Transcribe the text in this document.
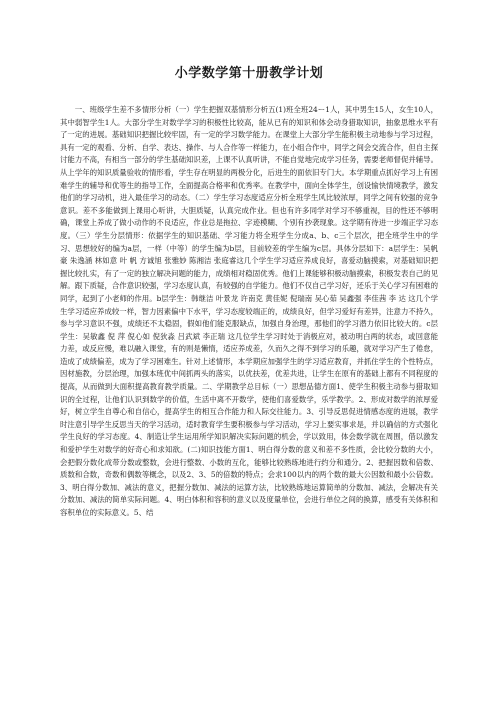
小学数学第十册教学计划

一、班级学生差不多情形分析（一）学生把握双基情形分析五(1)班全班24ー1人，其中男生15人，女生10人，其中弱智学生1人。大部分学生对数学学习的积极性比较高，能从已有的知识和体会动身猎取知识，抽象思维水平有了一定的进展。基础知识把握比较牢固，有一定的学习数学能力。在课堂上大部分学生能积极主动地参与学习过程，具有一定的观看、分析、自学、表达、操作、与人合作等一样能力，在小组合作中，同学之间会交流合作，但自主探讨能力不高，有相当一部分的学生基础知识差，上课不认真听讲，不能自觉地完成学习任务，需要老师督促并辅导。从上学年的知识质量验收的情形看，学生存在明显的两极分化，后进生的面依旧专门大。本学期重点抓好学习上有困难学生的辅导和优等生的指导工作，全面提高合格率和优秀率。在教学中，面向全体学生，创设愉快情境教学，激发他们的学习动机，进入最佳学习的动态。（二）学生学习态度适应分析全班学生风比较浓厚，同学之间有较强的竞争意识。差不多能做到上课用心听讲，大胆质疑，认真完成作业。但也有许多同学对学习不够重视，目的性还不够明确，课堂上养成了做小动作的不良适应，作业总是拖拉、字迹模糊、个别有抄袭现象。这学期有待进一步端正学习态度。（三）学生分层情形：依据学生的知识基础、学习能力将全班学生分成a、b、c三个层次，把全班学生中的学习、思想较好的编为a层，一样（中等）的学生编为b层，目前较差的学生编为c层。具体分层如下：a层学生：吴帆豪 朱逸涵 林如意 叶 帆 方诚旭 张雅妙 陈湘洁 张庭睿这几个学生学习适应养成良好，喜爱动脑摸索，对基础知识把握比较扎实，有了一定的独立解决问题的能力，成绩相对稳固优秀。他们上课能够积极动脑摸索，积极发表自己的见解。跟下质疑，合作意识较强，学习态度认真，有较强的自学能力。他们不仅自己学习好，还乐于关心学习有困难的同学，起到了小老师的作用。b层学生：韩继洁 叶景龙 许南克 黄佳妮 倪瑞南 吴心茹 吴鑫强 李佳茜 李 达 这几个学生学习适应养成较一样，智力因素偏中下水平，学习态度较端正的，成绩良好，但学习爱好有差异，注意力不持久，参与学习意识不强，成绩还不太稳固，假如他们能克服缺点，加强自身治理，那他们的学习潜力依旧比较大的。c层学生：吴敏鑫 倪 萍 倪心如 倪狄淼 吕武斌 李正瑞 这几位学生学习时处于消极应对，被动明白两的状态，或回意能力差，或反应慢，难以融入课堂，有的则是懒惰，适应养成差，久而久之得不到学习的乐趣，就对学习产生了倦怠，造成了成绩偏差，成为了学习困难生。针对上述情形，本学期应加强学生的学习适应教育，并抓住学生的个性特点，因材施教，分层治理，加强本班优中间抓两头的落实，以优扶差，优差共进，让学生在原有的基础上都有不同程度的提高，从而做到大面积提高教育教学质量。二、学期教学总目标（一）思想品德方面1、使学生积极主动参与猎取知识的全过程，让他们认识到数学的价值，生活中离不开数学，使他们喜爱数学，乐学教学。2、形成对数学的浓厚爱好，树立学生自尊心和自信心，提高学生的相互合作能力和人际交往能力。3、引导反思促进情感态度的进展，教学时注意引导学生反思当天的学习活动，适时教育学生要积极参与学习活动，学习上要实事求是，并以确信的方式强化学生良好的学习态度。4、制造让学生运用所学知识解决实际问题的机会，学以致用，体会数学就在周围，借以激发和爱护学生对数学的好奇心和求知欲。(二)知识技能方面1、明白得分数的意义和差不多性质，会比较分数的大小，会把假分数化成带分数或整数，会进行整数、小数的互化，能够比较熟练地进行约分和通分。2、把握因数和倍数、质数和合数，奇数和偶数等概念，以及2、3、5的倍数的特点；会求100以内的两个数的最大公因数和最小公倍数。3、明白得分数加、减法的意义，把握分数加、减法的运算方法，比较熟练地运算简单的分数加、减法，会解决有关分数加、减法的简单实际问题。4、明白体积和容积的意义以及度量单位，会进行单位之间的换算，感受有关体积和容积单位的实际意义。5、结
